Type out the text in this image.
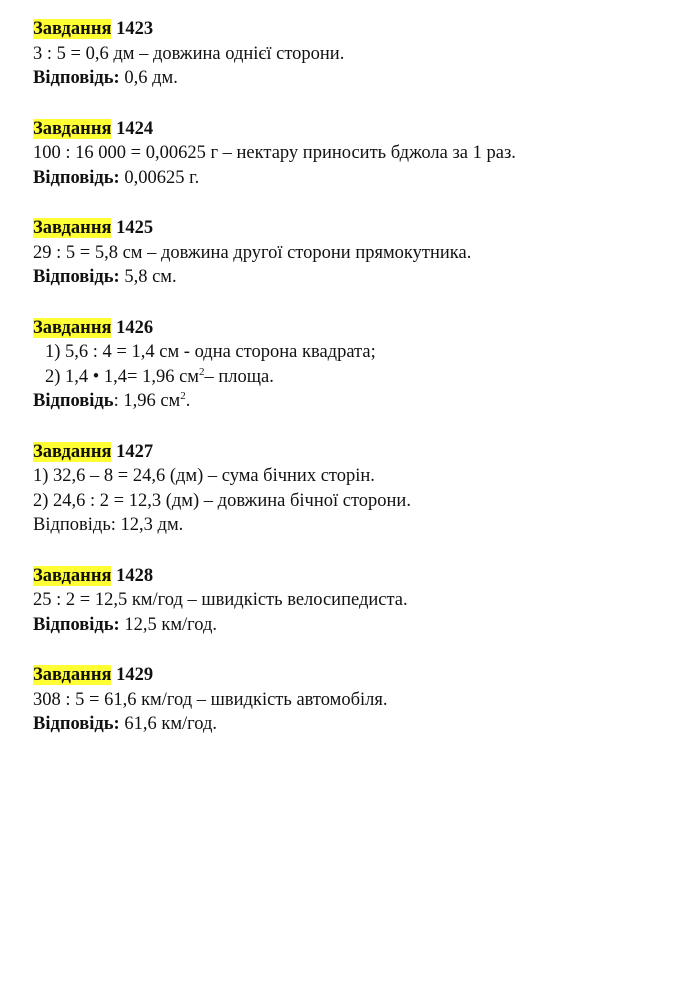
Завдання 1423
3 : 5 = 0,6 дм – довжина однієї сторони.
Відповідь: 0,6 дм.
Завдання 1424
100 : 16 000 = 0,00625 г – нектару приносить бджола за 1 раз.
Відповідь: 0,00625 г.
Завдання 1425
29 : 5 = 5,8 см – довжина другої сторони прямокутника.
Відповідь: 5,8 см.
Завдання 1426
1) 5,6 : 4 = 1,4 см - одна сторона квадрата;
2) 1,4 • 1,4= 1,96 $см^2-$ площа.
Відповідь: 1,96 $см^2$.
Завдання 1427
1) 32,6 – 8 = 24,6 (дм) – сума бічних сторін.
2) 24,6 : 2 = 12,3 (дм) – довжина бічної сторони.
Відповідь: 12,3 дм.
Завдання 1428
25 : 2 = 12,5 км/год – швидкість велосипедиста.
Відповідь: 12,5 км/год.
Завдання 1429
308 : 5 = 61,6 км/год – швидкість автомобіля.
Відповідь: 61,6 км/год.
